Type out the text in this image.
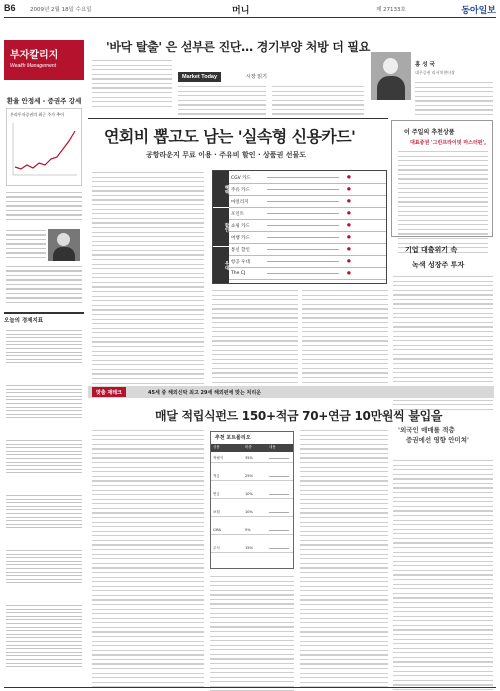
B6	2009년 2월 18일 수요일	머니	제 27133호	동아일보
부자칼리지
Wealth Management
환율 안정세 - 증권주 강세
우리투자증권의 최근 주가 추이
오늘의 경제지표
'바닥 탈출' 은 섣부른 진단… 경기부양 처방 더 필요
Market Today	시장 읽기
홍 성 국
대우증권 리서치센터장
연회비 뽑고도 남는 '실속형 신용카드'
공항라운지 무료 이용 · 주유비 할인 · 상품권 선물도
혜택
할인
우대
CGV 카드	●
주유 카드	●
마일리지	●
포인트	●
쇼핑 카드	●
여행 카드	●
통신 할인	●
항공 우대	●
The CJ	●
이 주일의 추천상품
대표증권 '그린프라이빗 마스터펀',
기업 대출위기 속
녹색 성장주 투자
맞춤 재테크	45세 중 해외신탁 최고 29세 해외펀에 맞는 처리운
매달 적립식펀드 150+적금 70+연금 10만원씩 불입을
추천 포트폴리오
상품	비중	내용
적립식	35%
적금	25%
연금	10%
보험	10%
CMA	5%
주식	15%
'외국인 매매를 적층
증권에선 영향 안미쳐'
